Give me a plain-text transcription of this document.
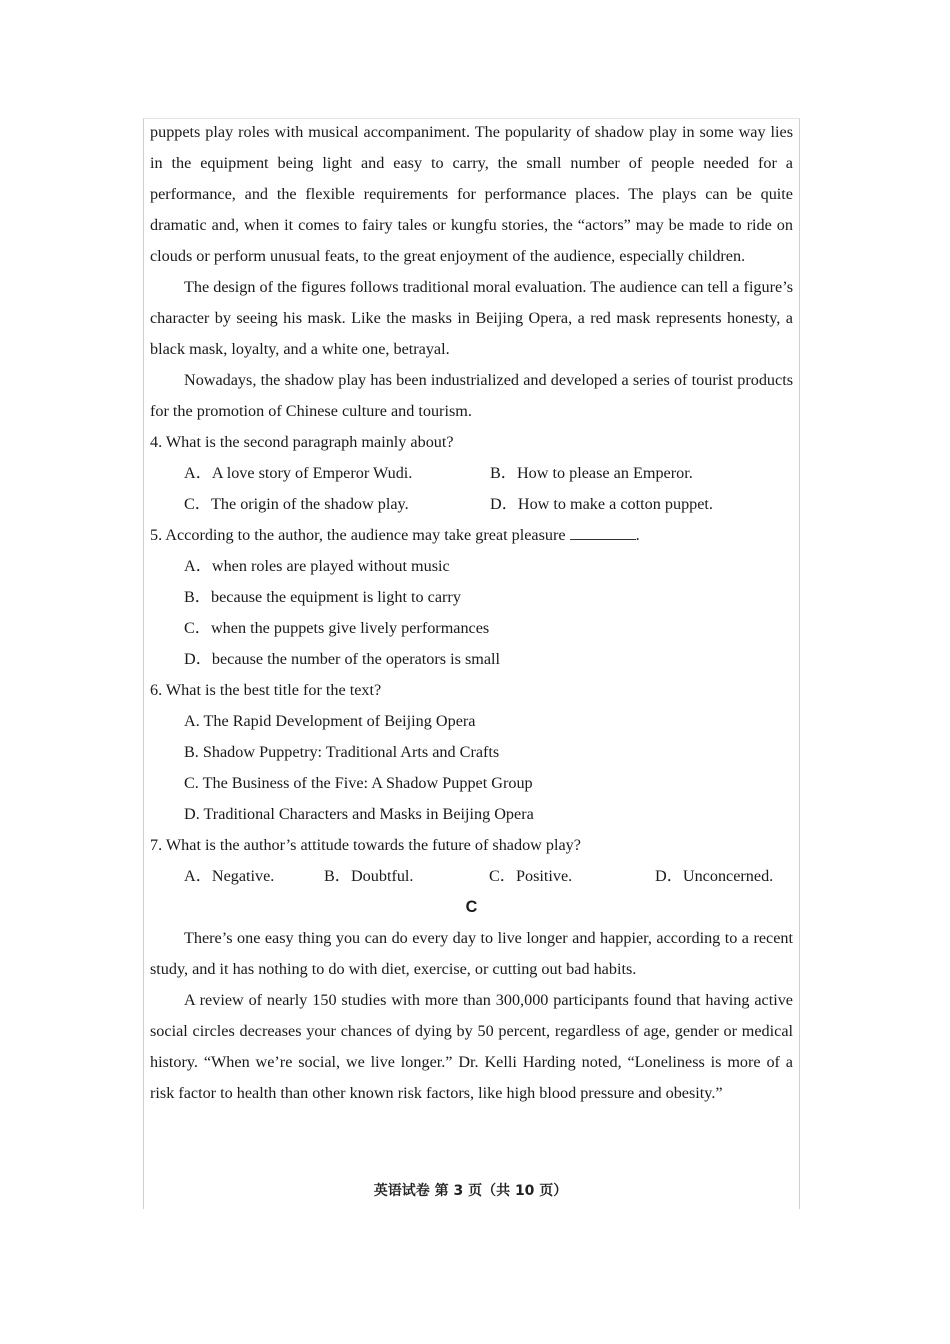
puppets play roles with musical accompaniment. The popularity of shadow play in some way lies in the equipment being light and easy to carry, the small number of people needed for a performance, and the flexible requirements for performance places. The plays can be quite dramatic and, when it comes to fairy tales or kungfu stories, the “actors” may be made to ride on clouds or perform unusual feats, to the great enjoyment of the audience, especially children.

The design of the figures follows traditional moral evaluation. The audience can tell a figure’s character by seeing his mask. Like the masks in Beijing Opera, a red mask represents honesty, a black mask, loyalty, and a white one, betrayal.

Nowadays, the shadow play has been industrialized and developed a series of tourist products for the promotion of Chinese culture and tourism.

4. What is the second paragraph mainly about?
A．A love story of Emperor Wudi.	B．How to please an Emperor.
C．The origin of the shadow play.	D．How to make a cotton puppet.
5. According to the author, the audience may take great pleasure	.
A．when roles are played without music
B．because the equipment is light to carry
C．when the puppets give lively performances
D．because the number of the operators is small
6. What is the best title for the text?
A. The Rapid Development of Beijing Opera
B. Shadow Puppetry: Traditional Arts and Crafts
C. The Business of the Five: A Shadow Puppet Group
D. Traditional Characters and Masks in Beijing Opera
7. What is the author’s attitude towards the future of shadow play?
A．Negative.	B．Doubtful.	C．Positive.	D．Unconcerned.
C

There’s one easy thing you can do every day to live longer and happier, according to a recent study, and it has nothing to do with diet, exercise, or cutting out bad habits.

A review of nearly 150 studies with more than 300,000 participants found that having active social circles decreases your chances of dying by 50 percent, regardless of age, gender or medical history. “When we’re social, we live longer.” Dr. Kelli Harding noted, “Loneliness is more of a risk factor to health than other known risk factors, like high blood pressure and obesity.”

英语试卷 第 3 页（共 10 页）
